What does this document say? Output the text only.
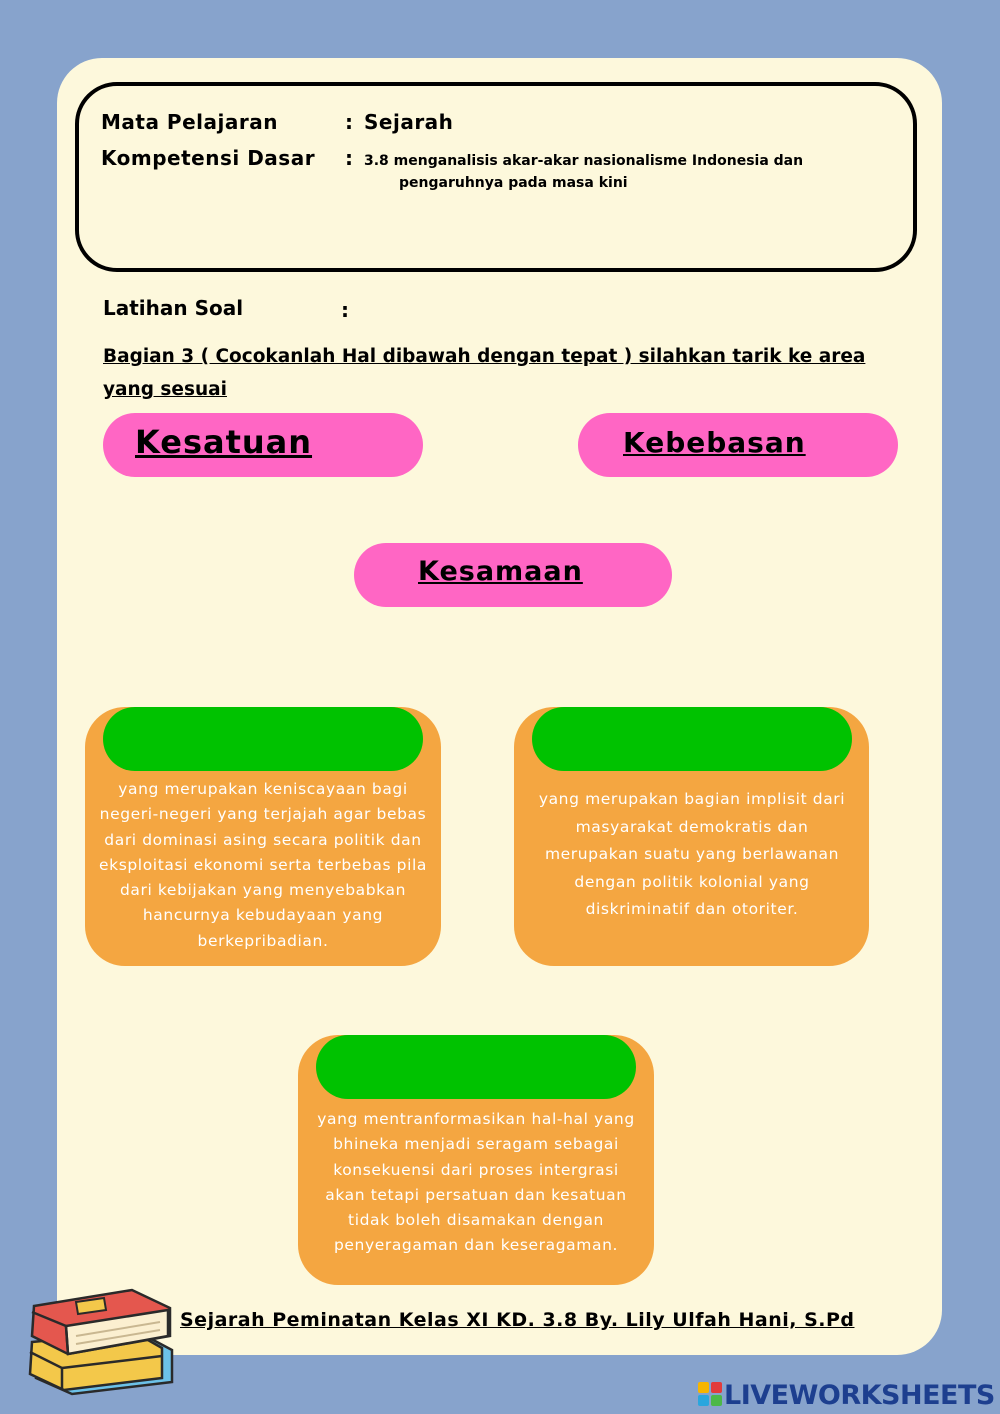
Mata Pelajaran	: Sejarah
Kompetensi Dasar : 3.8 menganalisis akar-akar nasionalisme Indonesia dan
pengaruhnya pada masa kini
Latihan Soal	:
Bagian 3 ( Cocokanlah Hal dibawah dengan tepat ) silahkan tarik ke area yang sesuai
Kesatuan	Kebebasan
Kesamaan
yang merupakan keniscayaan bagi negeri-negeri yang terjajah agar bebas dari dominasi asing secara politik dan eksploitasi ekonomi serta terbebas pila dari kebijakan yang menyebabkan hancurnya kebudayaan yang berkepribadian.
yang merupakan bagian implisit dari masyarakat demokratis dan merupakan suatu yang berlawanan dengan politik kolonial yang diskriminatif dan otoriter.
yang mentranformasikan hal-hal yang bhineka menjadi seragam sebagai konsekuensi dari proses intergrasi akan tetapi persatuan dan kesatuan tidak boleh disamakan dengan penyeragaman dan keseragaman.
Sejarah Peminatan Kelas XI KD. 3.8 By. Lily Ulfah Hani, S.Pd
LIVEWORKSHEETS
